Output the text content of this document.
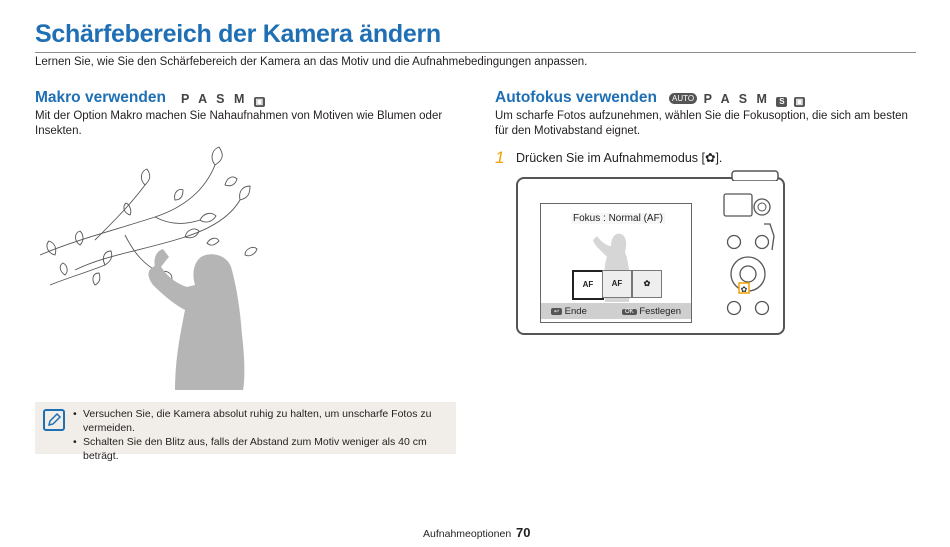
Schärfebereich der Kamera ändern
Lernen Sie, wie Sie den Schärfebereich der Kamera an das Motiv und die Aufnahmebedingungen anpassen.
Makro verwenden P A S M ▣
Mit der Option Makro machen Sie Nahaufnahmen von Motiven wie Blumen oder Insekten.
• Versuchen Sie, die Kamera absolut ruhig zu halten, um unscharfe Fotos zu vermeiden.
• Schalten Sie den Blitz aus, falls der Abstand zum Motiv weniger als 40 cm beträgt.
Autofokus verwenden	AUTO P A S M S ▣
Um scharfe Fotos aufzunehmen, wählen Sie die Fokusoption, die sich am besten für den Motivabstand eignet.
1 Drücken Sie im Aufnahmemodus [✿].
Fokus : Normal (AF)
AF	AF	✿
↩ Ende	OK Festlegen
✿
Aufnahmeoptionen 70
